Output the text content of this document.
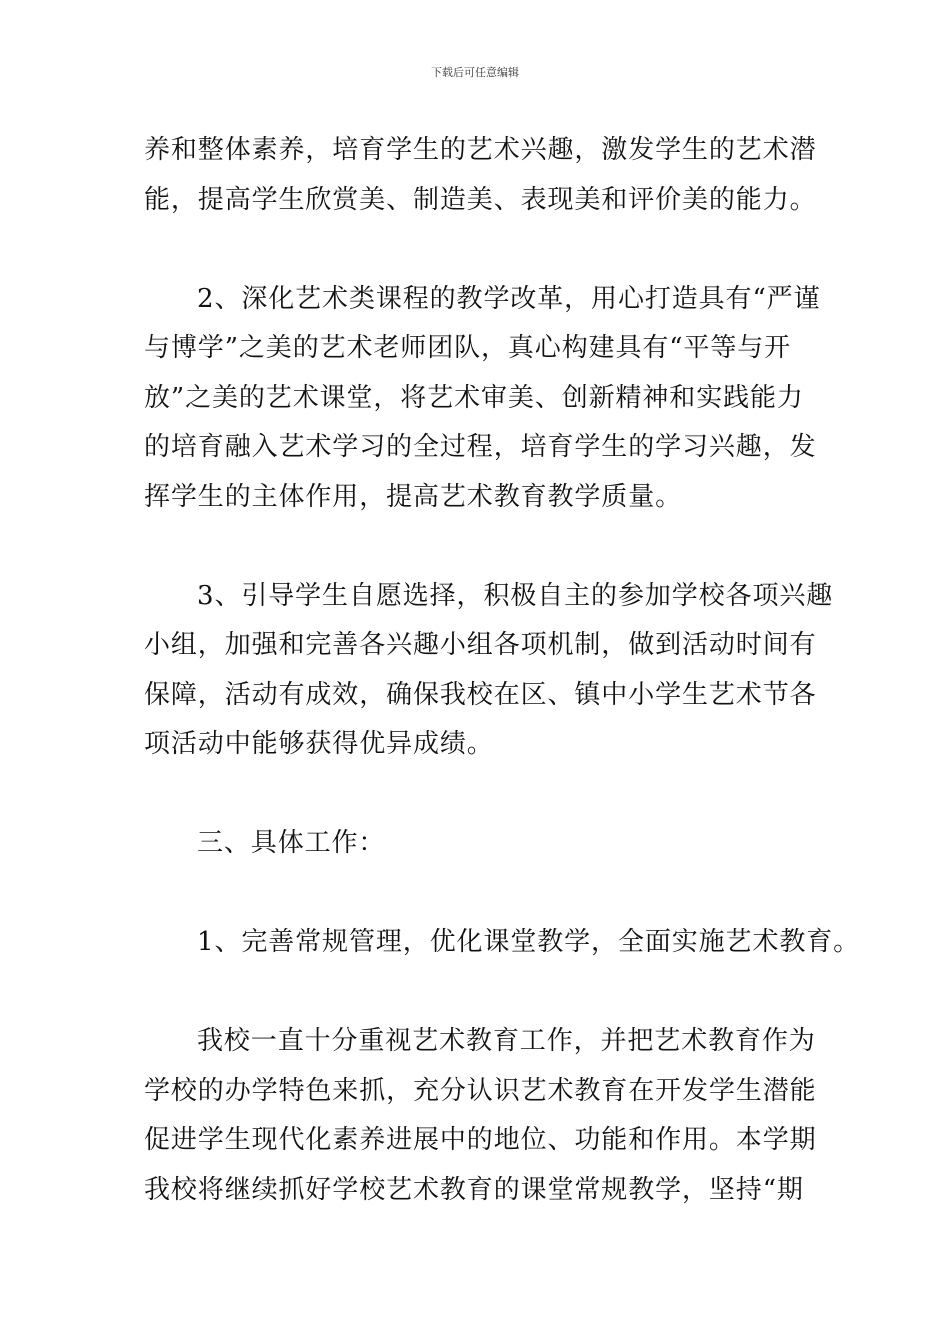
下载后可任意编辑
养和整体素养，培育学生的艺术兴趣，激发学生的艺术潜
能，提高学生欣赏美、制造美、表现美和评价美的能力。
2、深化艺术类课程的教学改革，用心打造具有“严谨
与博学”之美的艺术老师团队，真心构建具有“平等与开
放”之美的艺术课堂，将艺术审美、创新精神和实践能力
的培育融入艺术学习的全过程，培育学生的学习兴趣，发
挥学生的主体作用，提高艺术教育教学质量。
3、引导学生自愿选择，积极自主的参加学校各项兴趣
小组，加强和完善各兴趣小组各项机制，做到活动时间有
保障，活动有成效，确保我校在区、镇中小学生艺术节各
项活动中能够获得优异成绩。
三、具体工作：
1、完善常规管理，优化课堂教学，全面实施艺术教育。
我校一直十分重视艺术教育工作，并把艺术教育作为
学校的办学特色来抓，充分认识艺术教育在开发学生潜能
促进学生现代化素养进展中的地位、功能和作用。本学期
我校将继续抓好学校艺术教育的课堂常规教学，坚持“期
